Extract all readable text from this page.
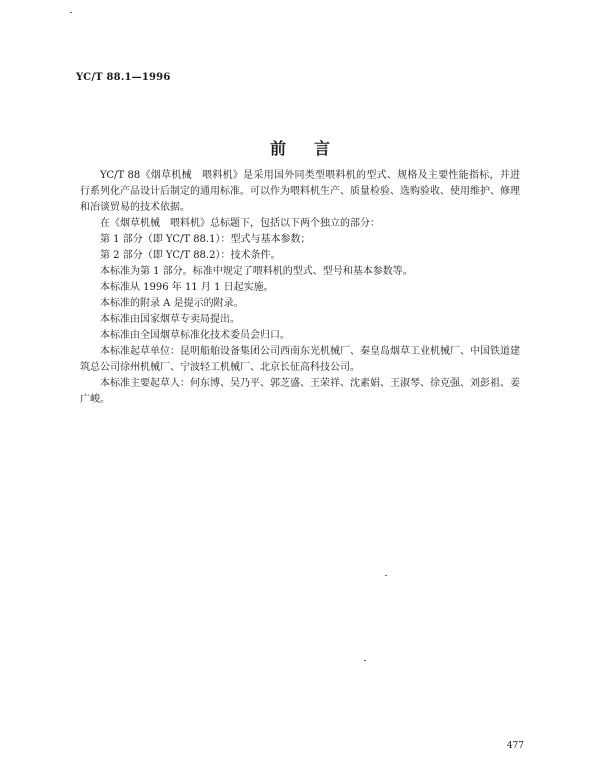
YC/T 88.1—1996
前言

YC/T 88《烟草机械　喂料机》是采用国外同类型喂料机的型式、规格及主要性能指标，并进行系列化产品设计后制定的通用标准。可以作为喂料机生产、质量检验、选购验收、使用维护、修理和冶谈贸易的技术依据。

在《烟草机械　喂料机》总标题下，包括以下两个独立的部分：

第 1 部分（即 YC/T 88.1）：型式与基本参数；

第 2 部分（即 YC/T 88.2）：技术条件。

本标准为第 1 部分。标准中规定了喂料机的型式、型号和基本参数等。

本标准从 1996 年 11 月 1 日起实施。

本标准的附录 A 是提示的附录。

本标准由国家烟草专卖局提出。

本标准由全国烟草标准化技术委员会归口。

本标准起草单位：昆明船舶设备集团公司西南东光机械厂、秦皇岛烟草工业机械厂、中国铁道建筑总公司徐州机械厂、宁波轻工机械厂、北京长征高科技公司。

本标准主要起草人：何东博、吴乃平、郭芝盛、王荣祥、沈素娟、王淑琴、徐克强、刘彭祖、姜广峻。

477
